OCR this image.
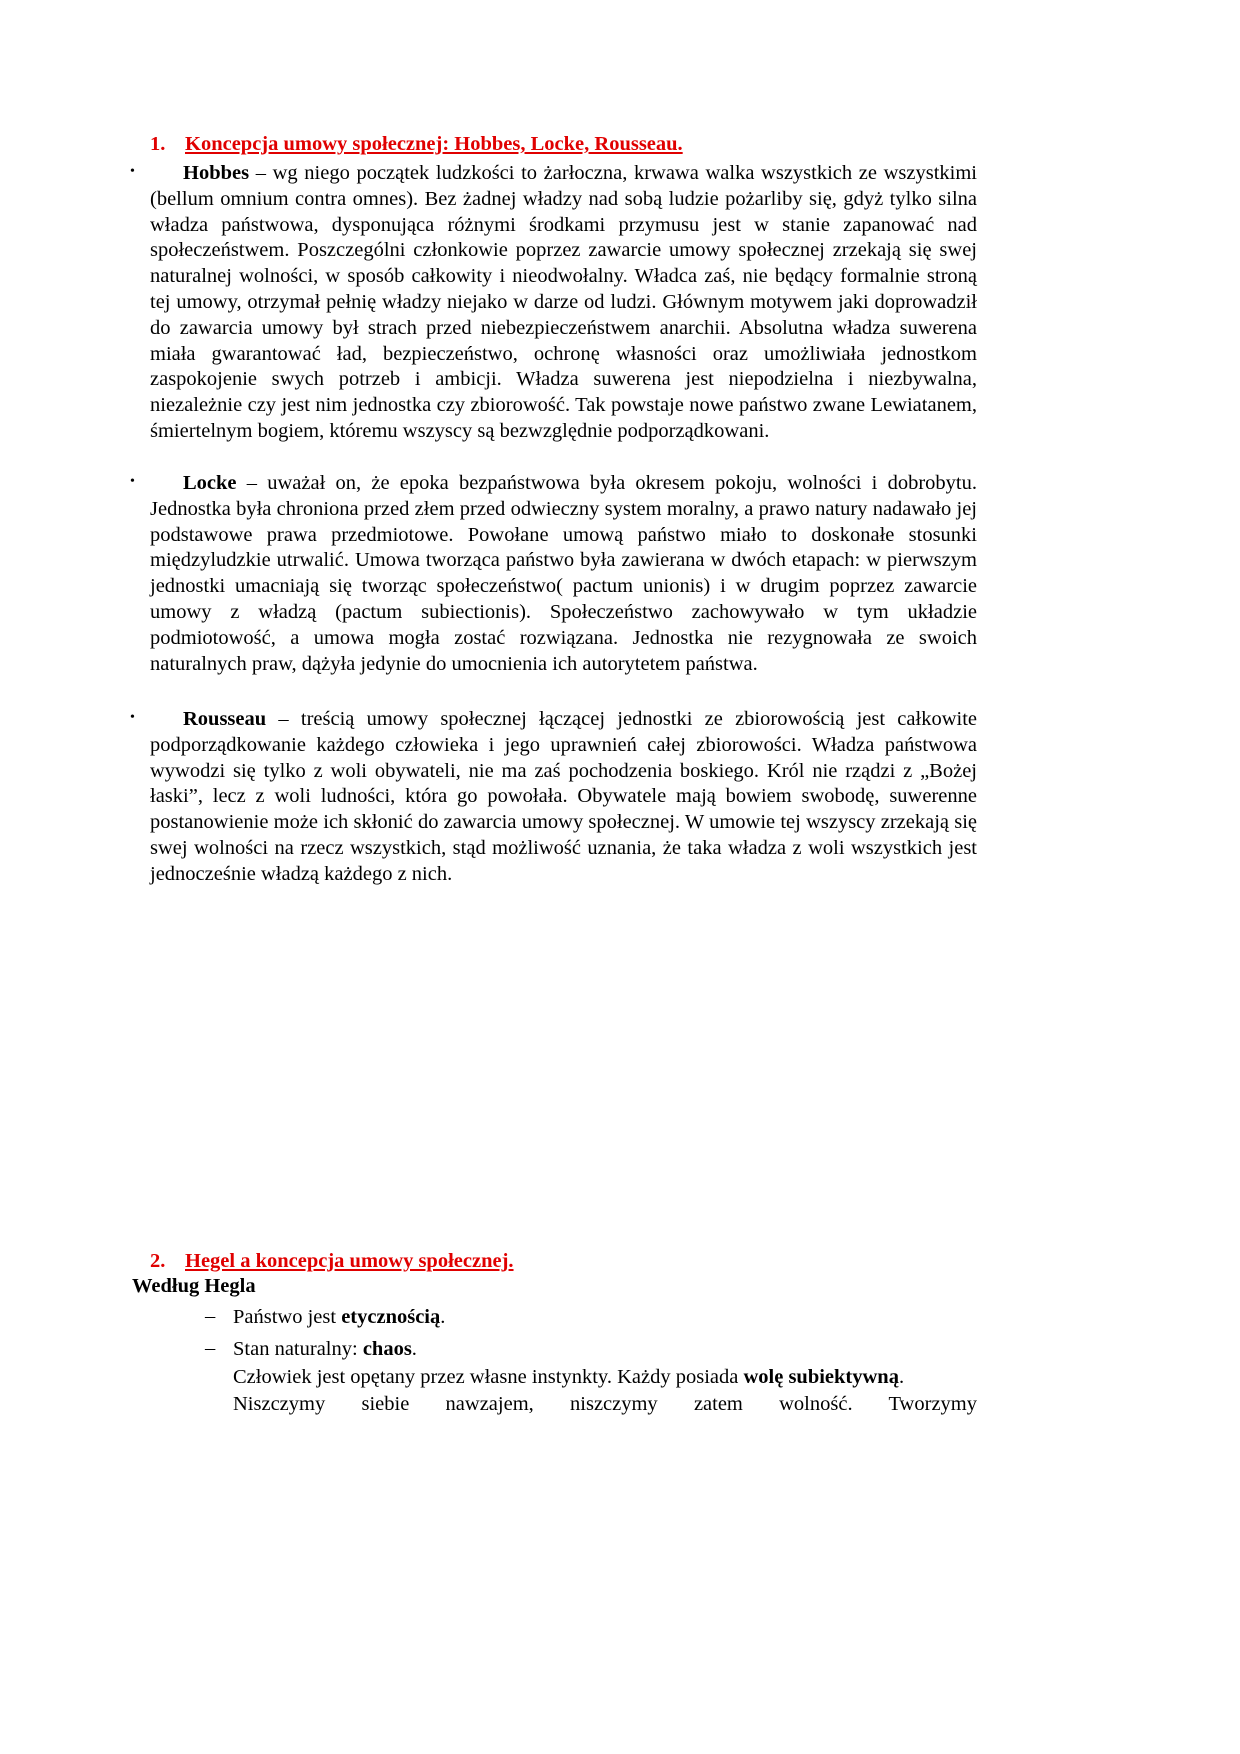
1. Koncepcja umowy społecznej: Hobbes, Locke, Rousseau.
•	Hobbes – wg niego początek ludzkości to żarłoczna, krwawa walka wszystkich ze wszystkimi (bellum omnium contra omnes). Bez żadnej władzy nad sobą ludzie pożarliby się, gdyż tylko silna władza państwowa, dysponująca różnymi środkami przymusu jest w stanie zapanować nad społeczeństwem. Poszczególni członkowie poprzez zawarcie umowy społecznej zrzekają się swej naturalnej wolności, w sposób całkowity i nieodwołalny. Władca zaś, nie będący formalnie stroną tej umowy, otrzymał pełnię władzy niejako w darze od ludzi. Głównym motywem jaki doprowadził do zawarcia umowy był strach przed niebezpieczeństwem anarchii. Absolutna władza suwerena miała gwarantować ład, bezpieczeństwo, ochronę własności oraz umożliwiała jednostkom zaspokojenie swych potrzeb i ambicji. Władza suwerena jest niepodzielna i niezbywalna, niezależnie czy jest nim jednostka czy zbiorowość. Tak powstaje nowe państwo zwane Lewiatanem, śmiertelnym bogiem, któremu wszyscy są bezwzględnie podporządkowani.
•	Locke – uważał on, że epoka bezpaństwowa była okresem pokoju, wolności i dobrobytu. Jednostka była chroniona przed złem przed odwieczny system moralny, a prawo natury nadawało jej podstawowe prawa przedmiotowe. Powołane umową państwo miało to doskonałe stosunki międzyludzkie utrwalić. Umowa tworząca państwo była zawierana w dwóch etapach: w pierwszym jednostki umacniają się tworząc społeczeństwo( pactum unionis) i w drugim poprzez zawarcie umowy z władzą (pactum subiectionis). Społeczeństwo zachowywało w tym układzie podmiotowość, a umowa mogła zostać rozwiązana. Jednostka nie rezygnowała ze swoich naturalnych praw, dążyła jedynie do umocnienia ich autorytetem państwa.
•	Rousseau – treścią umowy społecznej łączącej jednostki ze zbiorowością jest całkowite podporządkowanie każdego człowieka i jego uprawnień całej zbiorowości. Władza państwowa wywodzi się tylko z woli obywateli, nie ma zaś pochodzenia boskiego. Król nie rządzi z „Bożej łaski”, lecz z woli ludności, która go powołała. Obywatele mają bowiem swobodę, suwerenne postanowienie może ich skłonić do zawarcia umowy społecznej. W umowie tej wszyscy zrzekają się swej wolności na rzecz wszystkich, stąd możliwość uznania, że taka władza z woli wszystkich jest jednocześnie władzą każdego z nich.
2. Hegel a koncepcja umowy społecznej.
Według Hegla
– Państwo jest etycznością.
– Stan naturalny: chaos.
Człowiek jest opętany przez własne instynkty. Każdy posiada wolę subiektywną.
Niszczymy siebie nawzajem, niszczymy zatem wolność. Tworzymy
